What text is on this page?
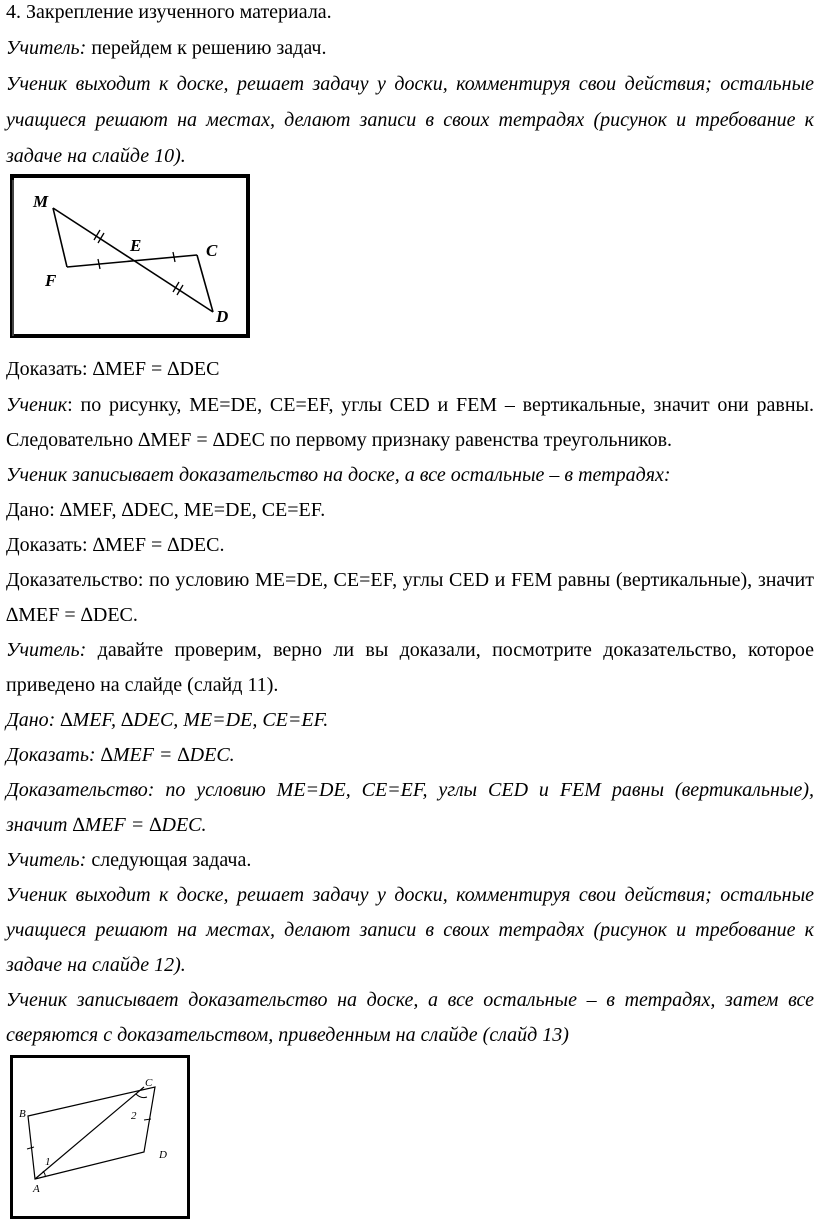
4. Закрепление изученного материала.
Учитель: перейдем к решению задач.
Ученик выходит к доске, решает задачу у доски, комментируя свои действия; остальные
учащиеся решают на местах, делают записи в своих тетрадях (рисунок и требование к
задаче на слайде 10).
M
E	C
F
D
Доказать: ∆MEF = ∆DEC
Ученик: по рисунку, ME=DE, CE=EF, углы CED и FEM – вертикальные, значит они равны.
Следовательно ∆MEF = ∆DEC по первому признаку равенства треугольников.
Ученик записывает доказательство на доске, а все остальные – в тетрадях:
Дано: ∆MEF, ∆DEC, ME=DE, CE=EF.
Доказать: ∆MEF = ∆DEC.
Доказательство: по условию ME=DE, CE=EF, углы CED и FEM равны (вертикальные), значит
∆MEF = ∆DEC.
Учитель: давайте проверим, верно ли вы доказали, посмотрите доказательство, которое
приведено на слайде (слайд 11).
Дано: ∆MEF, ∆DEC, ME=DE, CE=EF.
Доказать: ∆MEF = ∆DEC.
Доказательство: по условию ME=DE, CE=EF, углы CED и FEM равны (вертикальные),
значит ∆MEF = ∆DEC.
Учитель: следующая задача.
Ученик выходит к доске, решает задачу у доски, комментируя свои действия; остальные
учащиеся решают на местах, делают записи в своих тетрадях (рисунок и требование к
задаче на слайде 12).
Ученик записывает доказательство на доске, а все остальные – в тетрадях, затем все
сверяются с доказательством, приведенным на слайде (слайд 13)
C
B
D
A
1
2
